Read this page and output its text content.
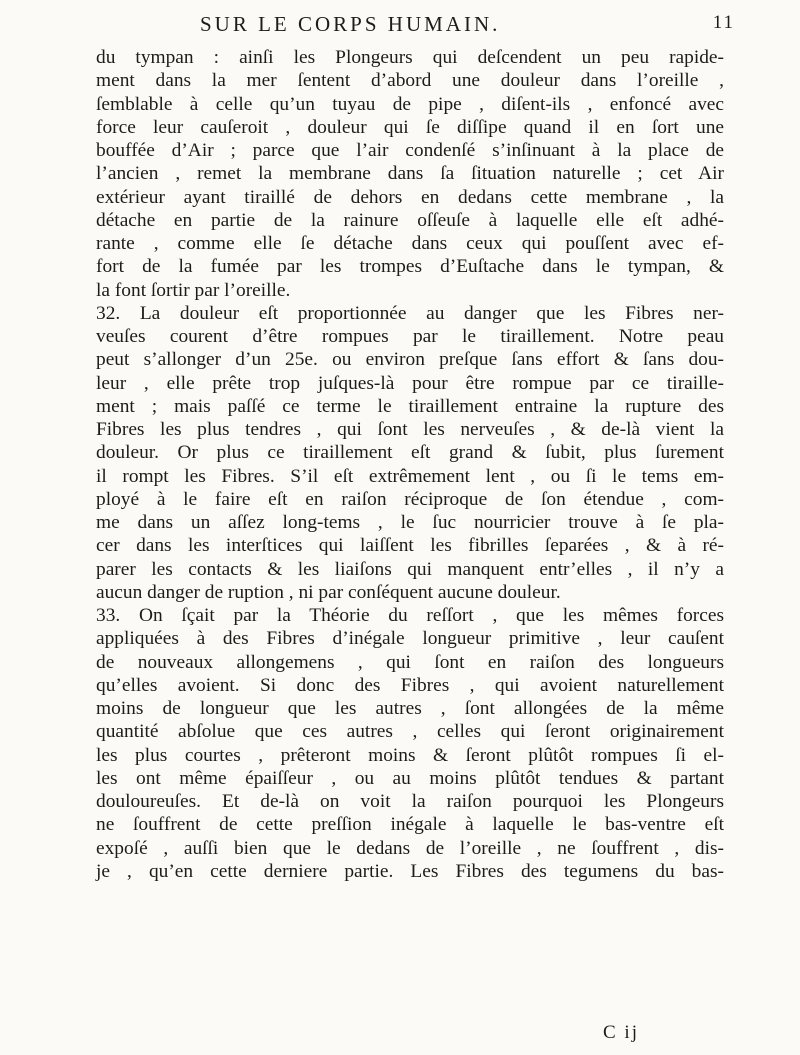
SUR LE CORPS HUMAIN.	11
du tympan : ainſi les Plongeurs qui deſcendent un peu rapide-
ment dans la mer ſentent d’abord une douleur dans l’oreille ,
ſemblable à celle qu’un tuyau de pipe , diſent-ils , enfoncé avec
force leur cauſeroit , douleur qui ſe diſſipe quand il en ſort une
bouffée d’Air ; parce que l’air condenſé s’inſinuant à la place de
l’ancien , remet la membrane dans ſa ſituation naturelle ; cet Air
extérieur ayant tiraillé de dehors en dedans cette membrane , la
détache en partie de la rainure oſſeuſe à laquelle elle eſt adhé-
rante , comme elle ſe détache dans ceux qui pouſſent avec ef-
fort de la fumée par les trompes d’Euſtache dans le tympan, &
la font ſortir par l’oreille.
32. La douleur eſt proportionnée au danger que les Fibres ner-
veuſes courent d’être rompues par le tiraillement. Notre peau
peut s’allonger d’un 25e. ou environ preſque ſans effort & ſans dou-
leur , elle prête trop juſques-là pour être rompue par ce tiraille-
ment ; mais paſſé ce terme le tiraillement entraine la rupture des
Fibres les plus tendres , qui ſont les nerveuſes , & de-là vient la
douleur. Or plus ce tiraillement eſt grand & ſubit, plus ſurement
il rompt les Fibres. S’il eſt extrêmement lent , ou ſi le tems em-
ployé à le faire eſt en raiſon réciproque de ſon étendue , com-
me dans un aſſez long-tems , le ſuc nourricier trouve à ſe pla-
cer dans les interſtices qui laiſſent les fibrilles ſeparées , & à ré-
parer les contacts & les liaiſons qui manquent entr’elles , il n’y a
aucun danger de ruption , ni par conſéquent aucune douleur.
33. On ſçait par la Théorie du reſſort , que les mêmes forces
appliquées à des Fibres d’inégale longueur primitive , leur cauſent
de nouveaux allongemens , qui ſont en raiſon des longueurs
qu’elles avoient. Si donc des Fibres , qui avoient naturellement
moins de longueur que les autres , ſont allongées de la même
quantité abſolue que ces autres , celles qui ſeront originairement
les plus courtes , prêteront moins & ſeront plûtôt rompues ſi el-
les ont même épaiſſeur , ou au moins plûtôt tendues & partant
douloureuſes. Et de-là on voit la raiſon pourquoi les Plongeurs
ne ſouffrent de cette preſſion inégale à laquelle le bas-ventre eſt
expoſé , auſſi bien que le dedans de l’oreille , ne ſouffrent , dis-
je , qu’en cette derniere partie. Les Fibres des tegumens du bas-
C ij
